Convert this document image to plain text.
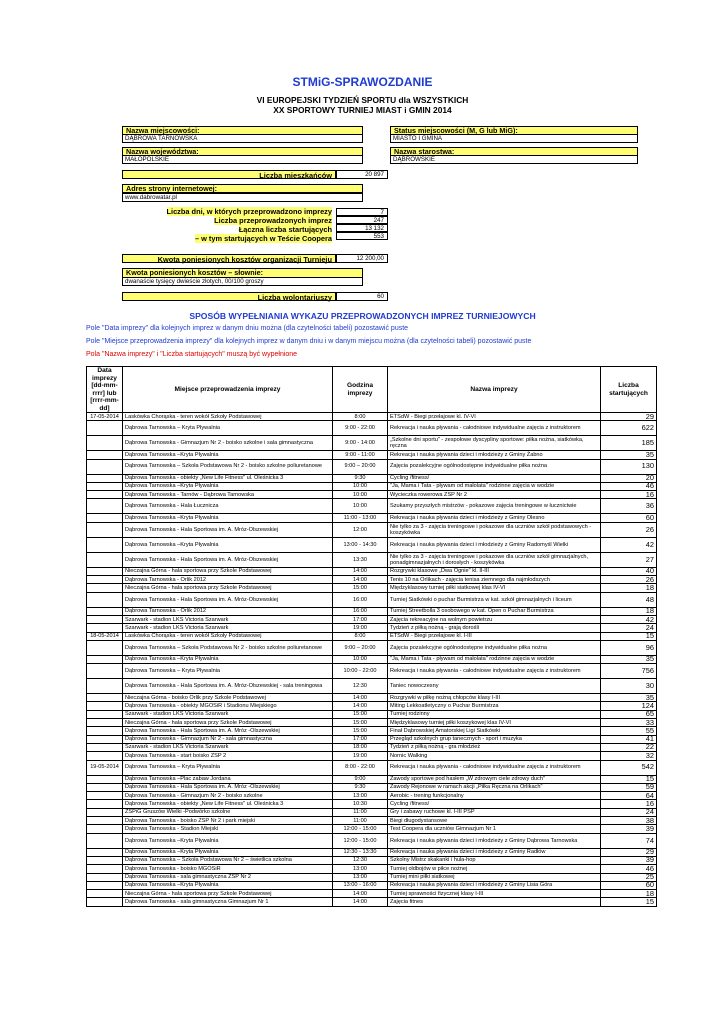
STMiG-SPRAWOZDANIE
VI EUROPEJSKI TYDZIEŃ SPORTU dla WSZYSTKICH
XX SPORTOWY TURNIEJ MIAST i GMIN 2014
Nazwa miejscowości:
DĄBROWA TARNOWSKA
Status miejscowości (M, G lub MiG):
MIASTO I GMINA
Nazwa województwa:
MAŁOPOLSKIE
Nazwa starostwa:
DĄBROWSKIE
Liczba mieszkańców	20 897
Adres strony internetowej:
www.dabrowatar.pl
Liczba dni, w których przeprowadzono imprezy	7
Liczba przeprowadzonych imprez	247
Łączna liczba startujących	13 132
– w tym startujących w Teście Coopera	553
Kwota poniesionych kosztów organizacji Turnieju	12 200,00
Kwota poniesionych kosztów – słownie:
dwanaście tysięcy dwieście złotych, 00/100 groszy
Liczba wolontariuszy	60
SPOSÓB WYPEŁNIANIA WYKAZU PRZEPROWADZONYCH IMPREZ TURNIEJOWYCH
Pole "Data imprezy" dla kolejnych imprez w danym dniu można (dla czytelności tabeli) pozostawić puste
Pole "Miejsce przeprowadzenia imprezy" dla kolejnych imprez w danym dniu i w danym miejscu można (dla czytelności tabeli) pozostawić puste
Pola "Nazwa imprezy" i "Liczba startujących" muszą być wypełnione
Data imprezy [dd-mm-rrrr] lub [rrrr-mm-dd]	Miejsce przeprowadzenia imprezy	Godzina imprezy	Nazwa imprezy	Liczba startujących
17-05-2014	Laskówka Chorąska - teren wokół Szkoły Podstawowej	8:00	ETSdW - Biegi przełajowe kl. IV-VI	29
	Dąbrowa Tarnowska – Kryta Pływalnia	9:00 - 22:00	Rekreacja i nauka pływania - całodniowe indywidualne zajęcia z instruktorem	622
	Dąbrowa Tarnowska - Gimnazjum Nr 2 - boisko szkolne i sala gimnastyczna	9:00 - 14:00	„Szkolne dni sportu" - zespołowe dyscypliny sportowe: piłka nożna, siatkówka, ręczna	185
	Dąbrowa Tarnowska –Kryta Pływalnia	9:00 - 11:00	Rekreacja i nauka pływania dzieci i młodzieży z Gminy Żabno	35
	Dąbrowa Tarnowska – Szkoła Podstawowa Nr 2 - boisko szkolne poliuretanowe	9:00 – 20:00	Zajęcia pozalekcyjne ogólnodostępne indywidualne piłka nożna	130
	Dąbrowa Tarnowska - obiekty „New Life Fitness" ul. Oleśnicka 3	9:30	Cycling /fitness/	20
	Dąbrowa Tarnowska –Kryta Pływalnia	10:00	"Ja, Mama i Tata - pływam od małolata" rodzinne zajęcia w wodzie	46
	Dąbrowa Tarnowska - Tarnów - Dąbrowa Tarnowska	10:00	Wycieczka rowerowa ZSP Nr 2	16
	Dąbrowa Tarnowska - Hala Łucznicza	10:00	Szukamy przyszłych mistrzów - pokazowe zajęcia treningowe w łucznictwie	36
	Dąbrowa Tarnowska –Kryta Pływalnia	11:00 - 13:00	Rekreacja i nauka pływania dzieci i młodzieży z Gminy Olesno	60
	Dąbrowa Tarnowska - Hala Sportowa im. A. Mróz-Olszewskiej	12:00	Nie tylko za 3 - zajęcia treningowe i pokazowe dla uczniów szkół podstawowych - koszykówka	26
	Dąbrowa Tarnowska –Kryta Pływalnia	13:00 - 14:30	Rekreacja i nauka pływania dzieci i młodzieży z Gminy Radomyśl Wielki	42
	Dąbrowa Tarnowska - Hala Sportowa im. A. Mróz-Olszewskiej	13:30	Nie tylko za 3 - zajęcia treningowe i pokazowe dla uczniów szkół gimnazjalnych, ponadgimnazjalnych i dorosłych - koszykówka	27
	Nieczajna Górna - hala sportowa przy Szkole Podstawowej	14:00	Rozgrywki klasowe „Dwa Ognie" kl. II-III	40
	Dąbrowa Tarnowska - Orlik 2012	14:00	Tenis 10 na Orlikach - zajęcia tenisa ziemnego dla najmłodszych	26
	Nieczajna Górna - hala sportowa przy Szkole Podstawowej	15:00	Międzyklasowy turniej piłki siatkowej klas IV-VI	18
	Dąbrowa Tarnowska - Hala Sportowa im. A. Mróz-Olszewskiej	16:00	Turniej Siatkówki o puchar Burmistrza w kat. szkół gimnazjalnych i liceum	48
	Dąbrowa Tarnowska - Orlik 2012	16:00	Turniej Streetbolla 3 osobowego w kat. Open o Puchar Burmistrza	18
	Szarwark - stadion LKS Victoria Szarwark	17:00	Zajęcia rekreacyjne na wolnym powietrzu	42
	Szarwark - stadion LKS Victoria Szarwark	19:00	Tydzień z piłką nożną - grają dorośli	24
18-05-2014	Laskówka Chorąska - teren wokół Szkoły Podstawowej	8:00	ETSdW - Biegi przełajowe kl. I-III	15
	Dąbrowa Tarnowska – Szkoła Podstawowa Nr 2 - boisko szkolne poliuretanowe	9:00 – 20:00	Zajęcia pozalekcyjne ogólnodostępne indywidualne piłka nożna	96
	Dąbrowa Tarnowska –Kryta Pływalnia	10:00	"Ja, Mama i Tata - pływam od małolata" rodzinne zajęcia w wodzie	35
	Dąbrowa Tarnowska – Kryta Pływalnia	10:00 - 22:00	Rekreacja i nauka pływania - całodniowe indywidualne zajęcia z instruktorem	756
	Dąbrowa Tarnowska - Hala Sportowa im. A. Mróz-Olszewskiej - sala treningowa	12:30	Taniec nowoczesny	30
	Nieczajna Górna - boisko Orlik przy Szkole Podstawowej	14:00	Rozgrywki w piłkę nożną chłopców klasy I-III	35
	Dąbrowa Tarnowska - obiekty MGOSiR i Stadionu Miejskiego	14:00	Miting Lekkoatletyczny o Puchar Burmistrza	124
	Szarwark - stadion LKS Victoria Szarwark	15:00	Turniej rodzinny	65
	Nieczajna Górna - hala sportowa przy Szkole Podstawowej	15:00	Międzyklasowy turniej piłki koszykowej klas IV-VI	33
	Dąbrowa Tarnowska - Hala Sportowa im. A. Mróz -Olszewskiej	15:00	Finał Dąbrowskiej Amatorskiej Ligi Siatkówki	55
	Dąbrowa Tarnowska - Gimnazjum Nr 2 - sala gimnastyczna	17:00	Przegląd szkolnych grup tanecznych - sport i muzyka	41
	Szarwark - stadion LKS Victoria Szarwark	18:00	Tydzień z piłką nożną - gra młodzież	22
	Dąbrowa Tarnowska - start boisko ZSP 2	19:00	Nornic Walking	32
19-05-2014	Dąbrowa Tarnowska – Kryta Pływalnia	8:00 - 22:00	Rekreacja i nauka pływania - całodniowe indywidualne zajęcia z instruktorem	542
	Dąbrowa Tarnowska –Plac zabaw Jordana	9:00	Zawody sportowe pod hasłem „W zdrowym ciele zdrowy duch"	15
	Dąbrowa Tarnowska - Hala Sportowa im. A. Mróz -Olszewskiej	9:30	Zawody Rejonowe w ramach akcji „Piłka Ręczna na Orlikach"	59
	Dąbrowa Tarnowska - Gimnazjum Nr 2 - boisko szkolne	13:00	Aerobic - trening funkcjonalny	64
	Dąbrowa Tarnowska - obiekty „New Life Fitness" ul. Oleśnicka 3	10:30	Cycling /fitness/	16
	ZSPiG Gruszów Wielki -Podwórko szkolne	11:00	Gry i zabawy ruchowe kl. I-III PSP	24
	Dąbrowa Tarnowska - boisko ZSP Nr 2 i park miejski	11:00	Biegi długodystansowe	38
	Dąbrowa Tarnowska - Stadion Miejski	12:00 - 15:00	Test Coopera dla uczniów Gimnazjum Nr 1	39
	Dąbrowa Tarnowska –Kryta Pływalnia	12:00 - 15:00	Rekreacja i nauka pływania dzieci i młodzieży z Gminy Dąbrowa Tarnowska	74
	Dąbrowa Tarnowska –Kryta Pływalnia	12:30 - 13:30	Rekreacja i nauka pływania dzieci i młodzieży z Gminy Radłów	29
	Dąbrowa Tarnowska – Szkoła Podstawowa Nr 2 – świetlica szkolna	12:30	Szkolny Mistrz skakanki i hula-hop	39
	Dąbrowa Tarnowska - boisko MGOSiR	13:00	Turniej oldbojów w piłce nożnej	46
	Dąbrowa Tarnowska - sala gimnastyczna ZSP Nr 2	13:00	Turniej mini piłki siatkowej	25
	Dąbrowa Tarnowska –Kryta Pływalnia	13:00 - 16:00	Rekreacja i nauka pływania dzieci i młodzieży z Gminy Lisia Góra	60
	Nieczajna Górna - hala sportowa przy Szkole Podstawowej	14:00	Turniej sprawności fizycznej klasy I-III	18
	Dąbrowa Tarnowska - sala gimnastyczna Gimnazjum Nr 1	14:00	Zajęcia fitnes	15
